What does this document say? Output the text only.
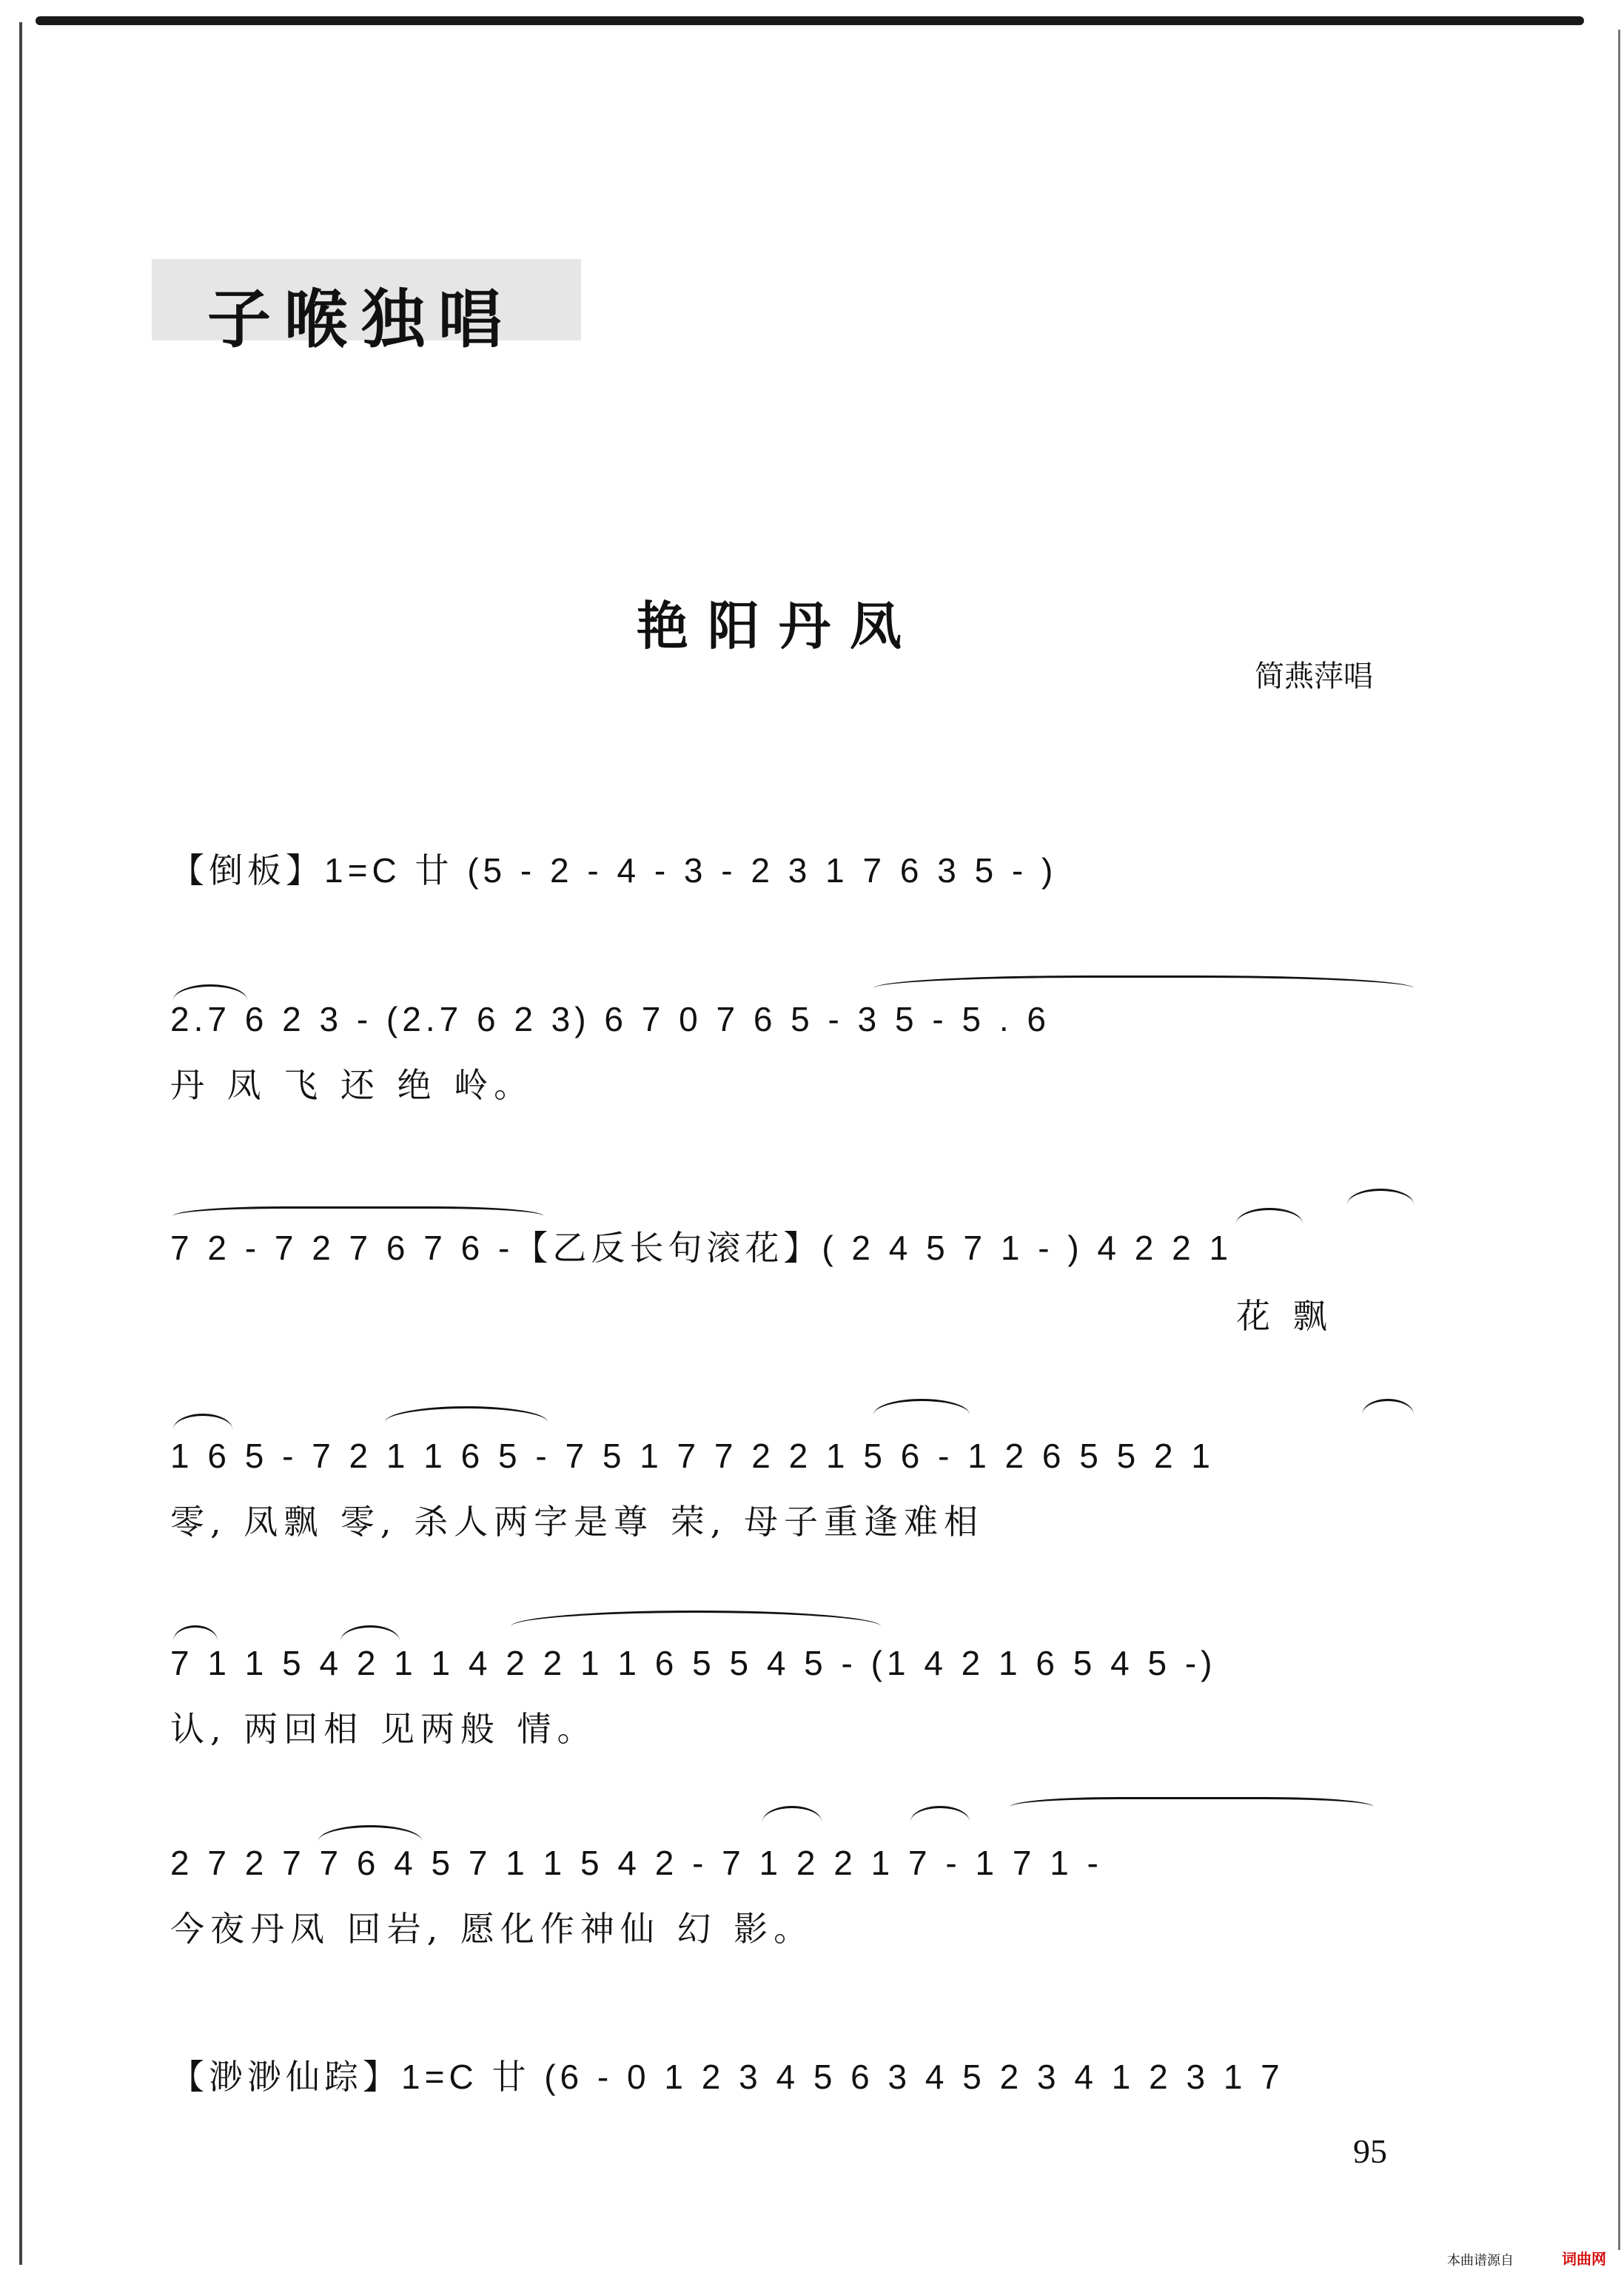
子喉独唱
艳阳丹凤
简燕萍唱
【倒板】1=C 廿 (5 - 2 - 4 - 3 - 2 3 1 7 6 3 5 - )
2.7 6 2 3 - (2.7 6 2 3) 6 7 0 7 6 5 - 3 5 - 5 . 6
丹 凤 飞 还 绝 岭。
7 2 - 7 2 7 6 7 6 -【乙反长句滚花】( 2 4 5 7 1 - ) 4 2 2 1
花 飘
1 6 5 - 7 2 1 1 6 5 - 7 5 1 7 7 2 2 1 5 6 - 1 2 6 5 5 2 1
零, 凤飘 零, 杀人两字是尊 荣, 母子重逢难相
7 1 1 5 4 2 1 1 4 2 2 1 1 6 5 5 4 5 - (1 4 2 1 6 5 4 5 -)
认, 两回相 见两般 情。
2 7 2 7 7 6 4 5 7 1 1 5 4 2 - 7 1 2 2 1 7 - 1 7 1 -
今夜丹凤 回岩, 愿化作神仙 幻 影。
【渺渺仙踪】1=C 廿 (6 - 0 1 2 3 4 5 6 3 4 5 2 3 4 1 2 3 1 7
95
本曲谱源自	词曲网
